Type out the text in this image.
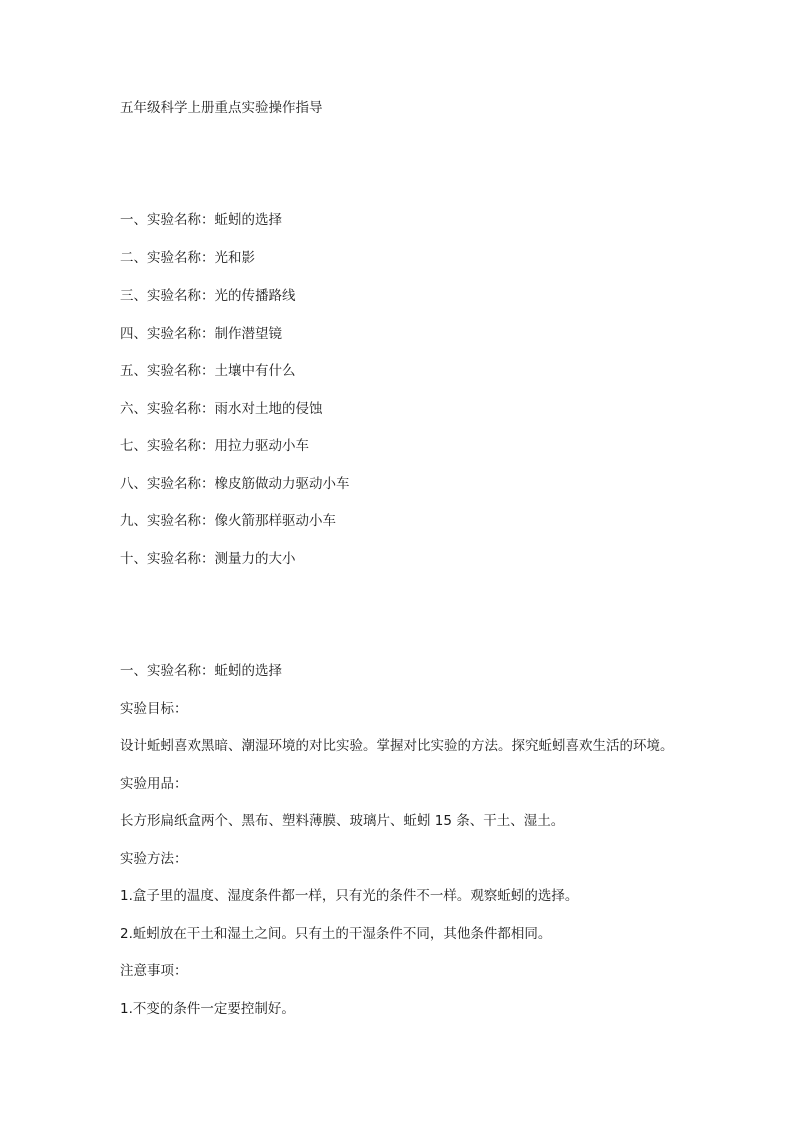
五年级科学上册重点实验操作指导
一、实验名称：蚯蚓的选择
二、实验名称：光和影
三、实验名称：光的传播路线
四、实验名称：制作潜望镜
五、实验名称：土壤中有什么
六、实验名称：雨水对土地的侵蚀
七、实验名称：用拉力驱动小车
八、实验名称：橡皮筋做动力驱动小车
九、实验名称：像火箭那样驱动小车
十、实验名称：测量力的大小
一、实验名称：蚯蚓的选择
实验目标：
设计蚯蚓喜欢黑暗、潮湿环境的对比实验。掌握对比实验的方法。探究蚯蚓喜欢生活的环境。
实验用品：
长方形扁纸盒两个、黑布、塑料薄膜、玻璃片、蚯蚓 15 条、干土、湿土。
实验方法：
1.盒子里的温度、湿度条件都一样，只有光的条件不一样。观察蚯蚓的选择。
2.蚯蚓放在干土和湿土之间。只有土的干湿条件不同，其他条件都相同。
注意事项：
1.不变的条件一定要控制好。
